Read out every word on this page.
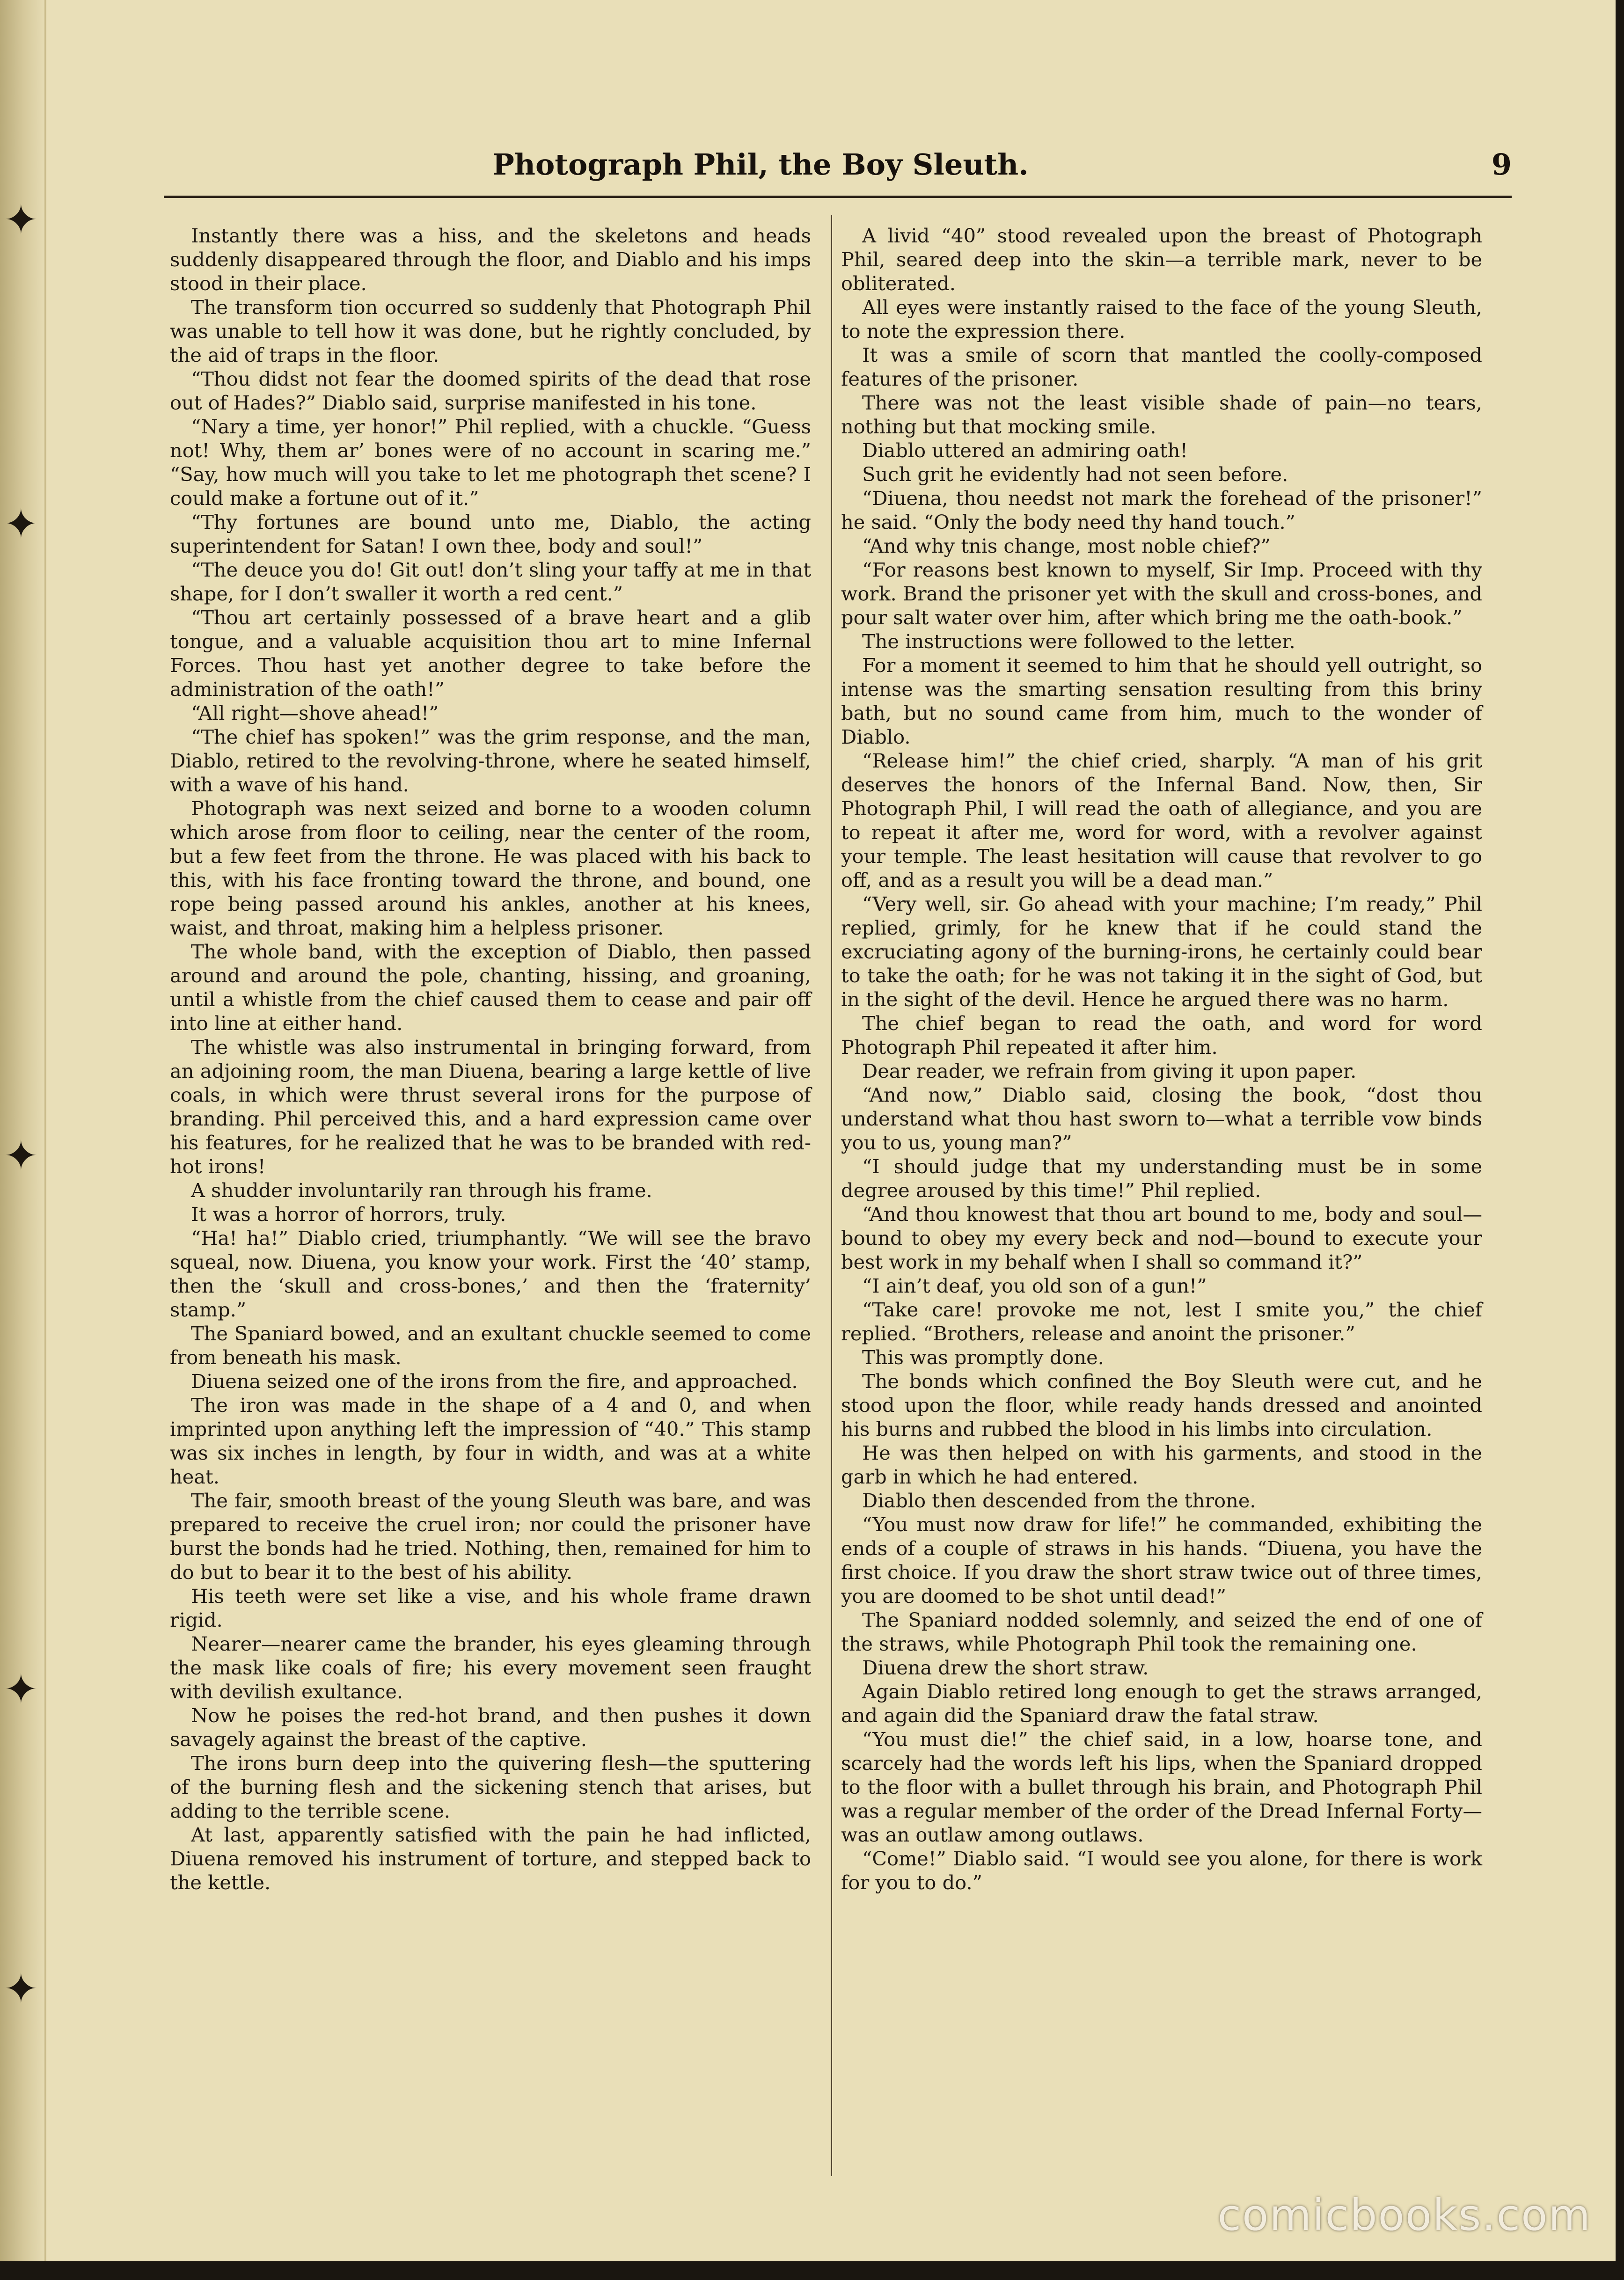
✦
✦
✦
✦
✦
Photograph Phil, the Boy Sleuth.	9

Instantly there was a hiss, and the skeletons and heads suddenly disappeared through the floor, and Diablo and his imps stood in their place.

The transform tion occurred so suddenly that Photograph Phil was unable to tell how it was done, but he rightly concluded, by the aid of traps in the floor.

“Thou didst not fear the doomed spirits of the dead that rose out of Hades?” Diablo said, surprise manifested in his tone.

“Nary a time, yer honor!” Phil replied, with a chuckle. “Guess not! Why, them ar’ bones were of no account in scaring me.” “Say, how much will you take to let me photograph thet scene? I could make a fortune out of it.”

“Thy fortunes are bound unto me, Diablo, the acting superintendent for Satan! I own thee, body and soul!”

“The deuce you do! Git out! don’t sling your taffy at me in that shape, for I don’t swaller it worth a red cent.”

“Thou art certainly possessed of a brave heart and a glib tongue, and a valuable acquisition thou art to mine Infernal Forces. Thou hast yet another degree to take before the administration of the oath!”

“All right—shove ahead!”

“The chief has spoken!” was the grim response, and the man, Diablo, retired to the revolving-throne, where he seated himself, with a wave of his hand.

Photograph was next seized and borne to a wooden column which arose from floor to ceiling, near the center of the room, but a few feet from the throne. He was placed with his back to this, with his face fronting toward the throne, and bound, one rope being passed around his ankles, another at his knees, waist, and throat, making him a helpless prisoner.

The whole band, with the exception of Diablo, then passed around and around the pole, chanting, hissing, and groaning, until a whistle from the chief caused them to cease and pair off into line at either hand.

The whistle was also instrumental in bringing forward, from an adjoining room, the man Diuena, bearing a large kettle of live coals, in which were thrust several irons for the purpose of branding. Phil perceived this, and a hard expression came over his features, for he realized that he was to be branded with red-hot irons!

A shudder involuntarily ran through his frame.

It was a horror of horrors, truly.

“Ha! ha!” Diablo cried, triumphantly. “We will see the bravo squeal, now. Diuena, you know your work. First the ‘40’ stamp, then the ‘skull and cross-bones,’ and then the ‘fraternity’ stamp.”

The Spaniard bowed, and an exultant chuckle seemed to come from beneath his mask.

Diuena seized one of the irons from the fire, and approached.

The iron was made in the shape of a 4 and 0, and when imprinted upon anything left the impression of “40.” This stamp was six inches in length, by four in width, and was at a white heat.

The fair, smooth breast of the young Sleuth was bare, and was prepared to receive the cruel iron; nor could the prisoner have burst the bonds had he tried. Nothing, then, remained for him to do but to bear it to the best of his ability.

His teeth were set like a vise, and his whole frame drawn rigid.

Nearer—nearer came the brander, his eyes gleaming through the mask like coals of fire; his every movement seen fraught with devilish exultance.

Now he poises the red-hot brand, and then pushes it down savagely against the breast of the captive.

The irons burn deep into the quivering flesh—the sputtering of the burning flesh and the sickening stench that arises, but adding to the terrible scene.

At last, apparently satisfied with the pain he had inflicted, Diuena removed his instrument of torture, and stepped back to the kettle.

A livid “40” stood revealed upon the breast of Photograph Phil, seared deep into the skin—a terrible mark, never to be obliterated.

All eyes were instantly raised to the face of the young Sleuth, to note the expression there.

It was a smile of scorn that mantled the coolly-composed features of the prisoner.

There was not the least visible shade of pain—no tears, nothing but that mocking smile.

Diablo uttered an admiring oath!

Such grit he evidently had not seen before.

“Diuena, thou needst not mark the forehead of the prisoner!” he said. “Only the body need thy hand touch.”

“And why tnis change, most noble chief?”

“For reasons best known to myself, Sir Imp. Proceed with thy work. Brand the prisoner yet with the skull and cross-bones, and pour salt water over him, after which bring me the oath-book.”

The instructions were followed to the letter.

For a moment it seemed to him that he should yell outright, so intense was the smarting sensation resulting from this briny bath, but no sound came from him, much to the wonder of Diablo.

“Release him!” the chief cried, sharply. “A man of his grit deserves the honors of the Infernal Band. Now, then, Sir Photograph Phil, I will read the oath of allegiance, and you are to repeat it after me, word for word, with a revolver against your temple. The least hesitation will cause that revolver to go off, and as a result you will be a dead man.”

“Very well, sir. Go ahead with your machine; I’m ready,” Phil replied, grimly, for he knew that if he could stand the excruciating agony of the burning-irons, he certainly could bear to take the oath; for he was not taking it in the sight of God, but in the sight of the devil. Hence he argued there was no harm.

The chief began to read the oath, and word for word Photograph Phil repeated it after him.

Dear reader, we refrain from giving it upon paper.

“And now,” Diablo said, closing the book, “dost thou understand what thou hast sworn to—what a terrible vow binds you to us, young man?”

“I should judge that my understanding must be in some degree aroused by this time!” Phil replied.

“And thou knowest that thou art bound to me, body and soul—bound to obey my every beck and nod—bound to execute your best work in my behalf when I shall so command it?”

“I ain’t deaf, you old son of a gun!”

“Take care! provoke me not, lest I smite you,” the chief replied. “Brothers, release and anoint the prisoner.”

This was promptly done.

The bonds which confined the Boy Sleuth were cut, and he stood upon the floor, while ready hands dressed and anointed his burns and rubbed the blood in his limbs into circulation.

He was then helped on with his garments, and stood in the garb in which he had entered.

Diablo then descended from the throne.

“You must now draw for life!” he commanded, exhibiting the ends of a couple of straws in his hands. “Diuena, you have the first choice. If you draw the short straw twice out of three times, you are doomed to be shot until dead!”

The Spaniard nodded solemnly, and seized the end of one of the straws, while Photograph Phil took the remaining one.

Diuena drew the short straw.

Again Diablo retired long enough to get the straws arranged, and again did the Spaniard draw the fatal straw.

“You must die!” the chief said, in a low, hoarse tone, and scarcely had the words left his lips, when the Spaniard dropped to the floor with a bullet through his brain, and Photograph Phil was a regular member of the order of the Dread Infernal Forty—was an outlaw among outlaws.

“Come!” Diablo said. “I would see you alone, for there is work for you to do.”

comicbooks.com
